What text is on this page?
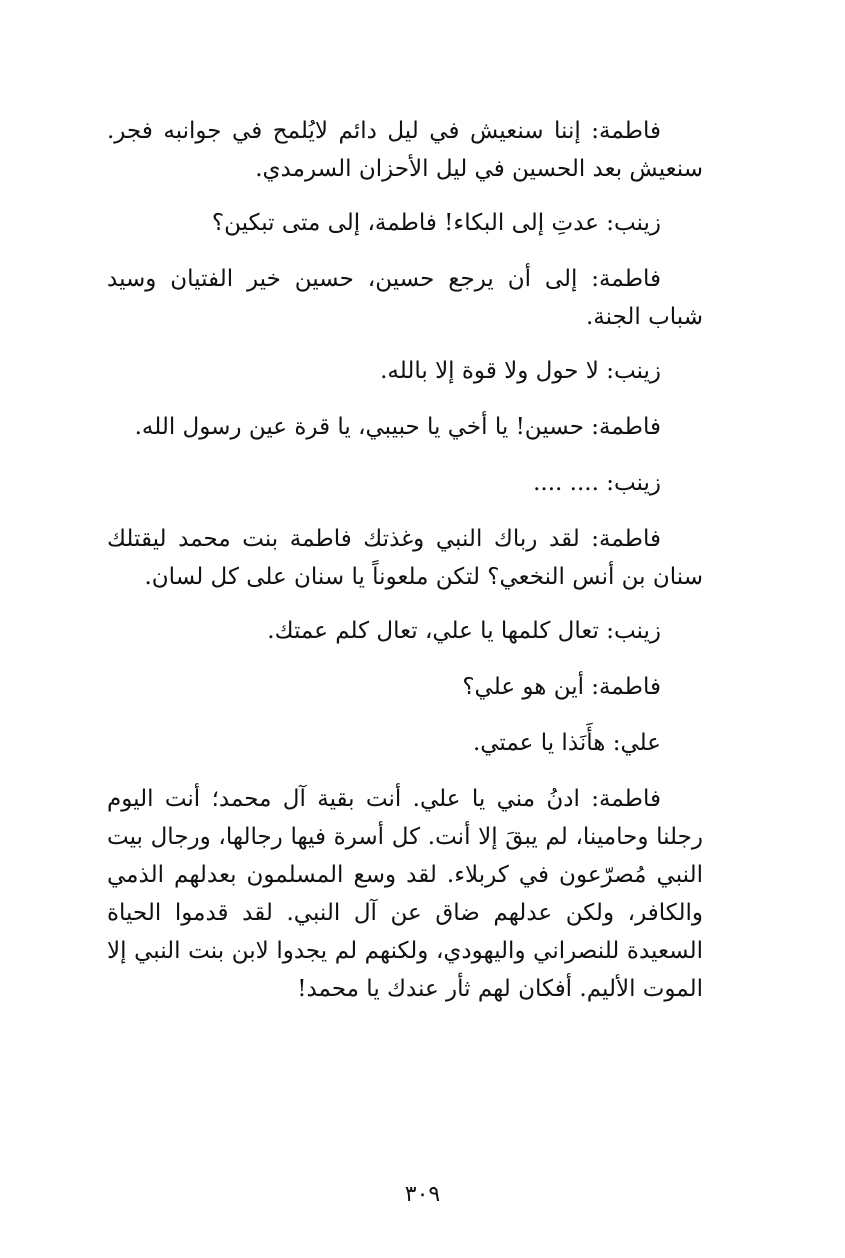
فاطمة: إننا سنعيش في ليل دائم لايُلمح في جوانبه فجر. سنعيش بعد الحسين في ليل الأحزان السرمدي.

زينب: عدتِ إلى البكاء! فاطمة، إلى متى تبكين؟

فاطمة: إلى أن يرجع حسين، حسين خير الفتيان وسيد شباب الجنة.

زينب: لا حول ولا قوة إلا بالله.

فاطمة: حسين! يا أخي يا حبيبي، يا قرة عين رسول الله.

زينب: .... ....

فاطمة: لقد رباك النبي وغذتك فاطمة بنت محمد ليقتلك سنان بن أنس النخعي؟ لتكن ملعوناً يا سنان على كل لسان.

زينب: تعال كلمها يا علي، تعال كلم عمتك.

فاطمة: أين هو علي؟

علي: هأَنَذا يا عمتي.

فاطمة: ادنُ مني يا علي. أنت بقية آل محمد؛ أنت اليوم رجلنا وحامينا، لم يبقَ إلا أنت. كل أسرة فيها رجالها، ورجال بيت النبي مُصرّعون في كربلاء. لقد وسع المسلمون بعدلهم الذمي والكافر، ولكن عدلهم ضاق عن آل النبي. لقد قدموا الحياة السعيدة للنصراني واليهودي، ولكنهم لم يجدوا لابن بنت النبي إلا الموت الأليم. أفكان لهم ثأر عندك يا محمد!

٣٠٩
